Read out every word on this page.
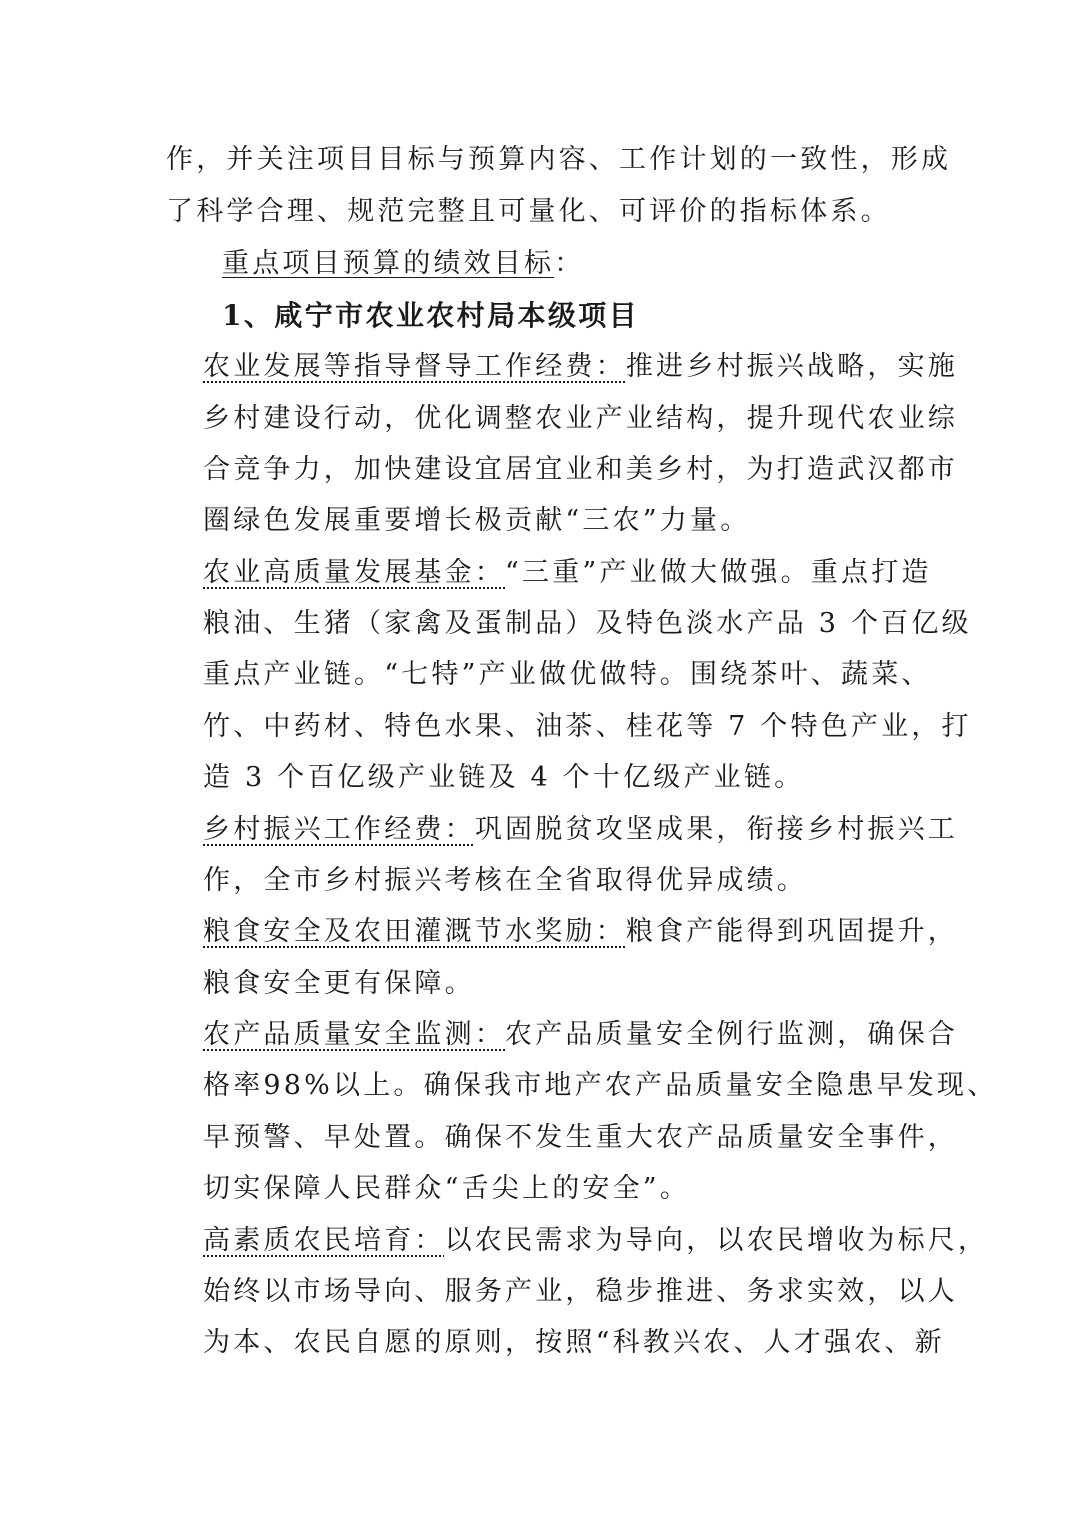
作，并关注项目目标与预算内容、工作计划的一致性，形成
了科学合理、规范完整且可量化、可评价的指标体系。
重点项目预算的绩效目标：
1、咸宁市农业农村局本级项目
农业发展等指导督导工作经费：推进乡村振兴战略，实施
乡村建设行动，优化调整农业产业结构，提升现代农业综
合竞争力，加快建设宜居宜业和美乡村，为打造武汉都市
圈绿色发展重要增长极贡献“三农”力量。
农业高质量发展基金：“三重”产业做大做强。重点打造
粮油、生猪（家禽及蛋制品）及特色淡水产品 3 个百亿级
重点产业链。“七特”产业做优做特。围绕茶叶、蔬菜、
竹、中药材、特色水果、油茶、桂花等 7 个特色产业，打
造 3 个百亿级产业链及 4 个十亿级产业链。
乡村振兴工作经费：巩固脱贫攻坚成果，衔接乡村振兴工
作，全市乡村振兴考核在全省取得优异成绩。
粮食安全及农田灌溉节水奖励：粮食产能得到巩固提升，
粮食安全更有保障。
农产品质量安全监测：农产品质量安全例行监测，确保合
格率98%以上。确保我市地产农产品质量安全隐患早发现、
早预警、早处置。确保不发生重大农产品质量安全事件，
切实保障人民群众“舌尖上的安全”。
高素质农民培育：以农民需求为导向，以农民增收为标尺，
始终以市场导向、服务产业，稳步推进、务求实效，以人
为本、农民自愿的原则，按照“科教兴农、人才强农、新
